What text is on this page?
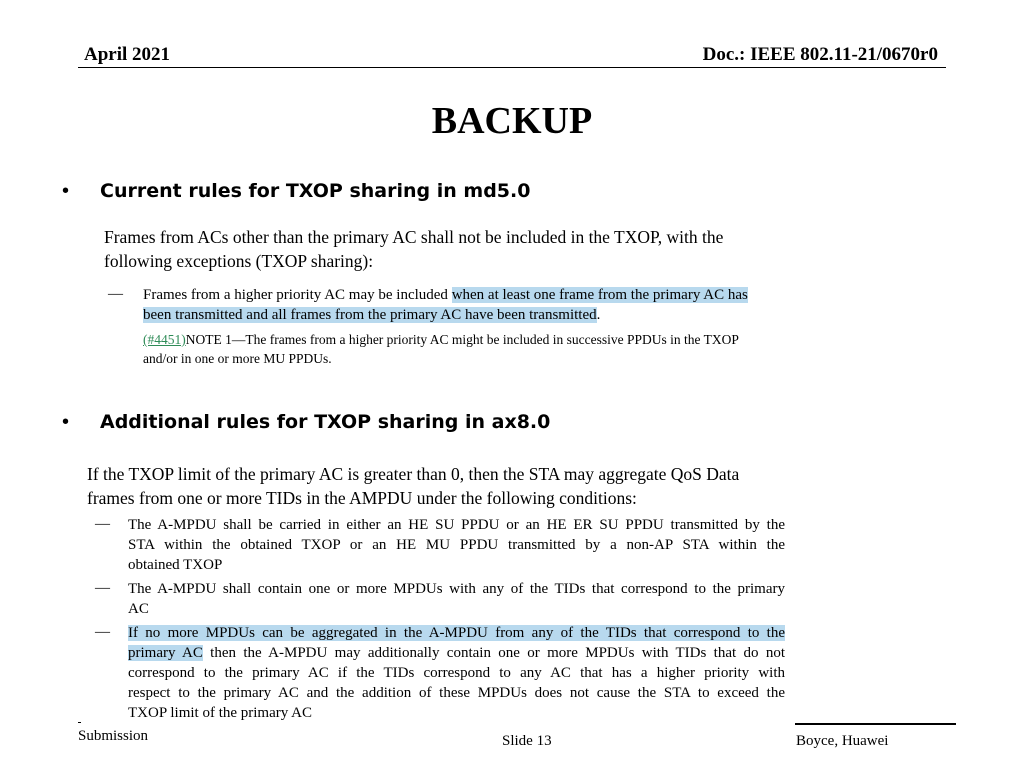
April 2021	Doc.: IEEE 802.11-21/0670r0
BACKUP
• Current rules for TXOP sharing in md5.0
Frames from ACs other than the primary AC shall not be included in the TXOP, with the
following exceptions (TXOP sharing):
— Frames from a higher priority AC may be included when at least one frame from the primary AC has
been transmitted and all frames from the primary AC have been transmitted.
(#4451)NOTE 1—The frames from a higher priority AC might be included in successive PPDUs in the TXOP
and/or in one or more MU PPDUs.
• Additional rules for TXOP sharing in ax8.0
If the TXOP limit of the primary AC is greater than 0, then the STA may aggregate QoS Data
frames from one or more TIDs in the AMPDU under the following conditions:
— The A-MPDU shall be carried in either an HE SU PPDU or an HE ER SU PPDU transmitted by the
STA within the obtained TXOP or an HE MU PPDU transmitted by a non-AP STA within the
obtained TXOP
— The A-MPDU shall contain one or more MPDUs with any of the TIDs that correspond to the primary
AC
— If no more MPDUs can be aggregated in the A-MPDU from any of the TIDs that correspond to the
primary AC then the A-MPDU may additionally contain one or more MPDUs with TIDs that do not
correspond to the primary AC if the TIDs correspond to any AC that has a higher priority with
respect to the primary AC and the addition of these MPDUs does not cause the STA to exceed the
TXOP limit of the primary AC
Submission	Slide 13	Boyce, Huawei
